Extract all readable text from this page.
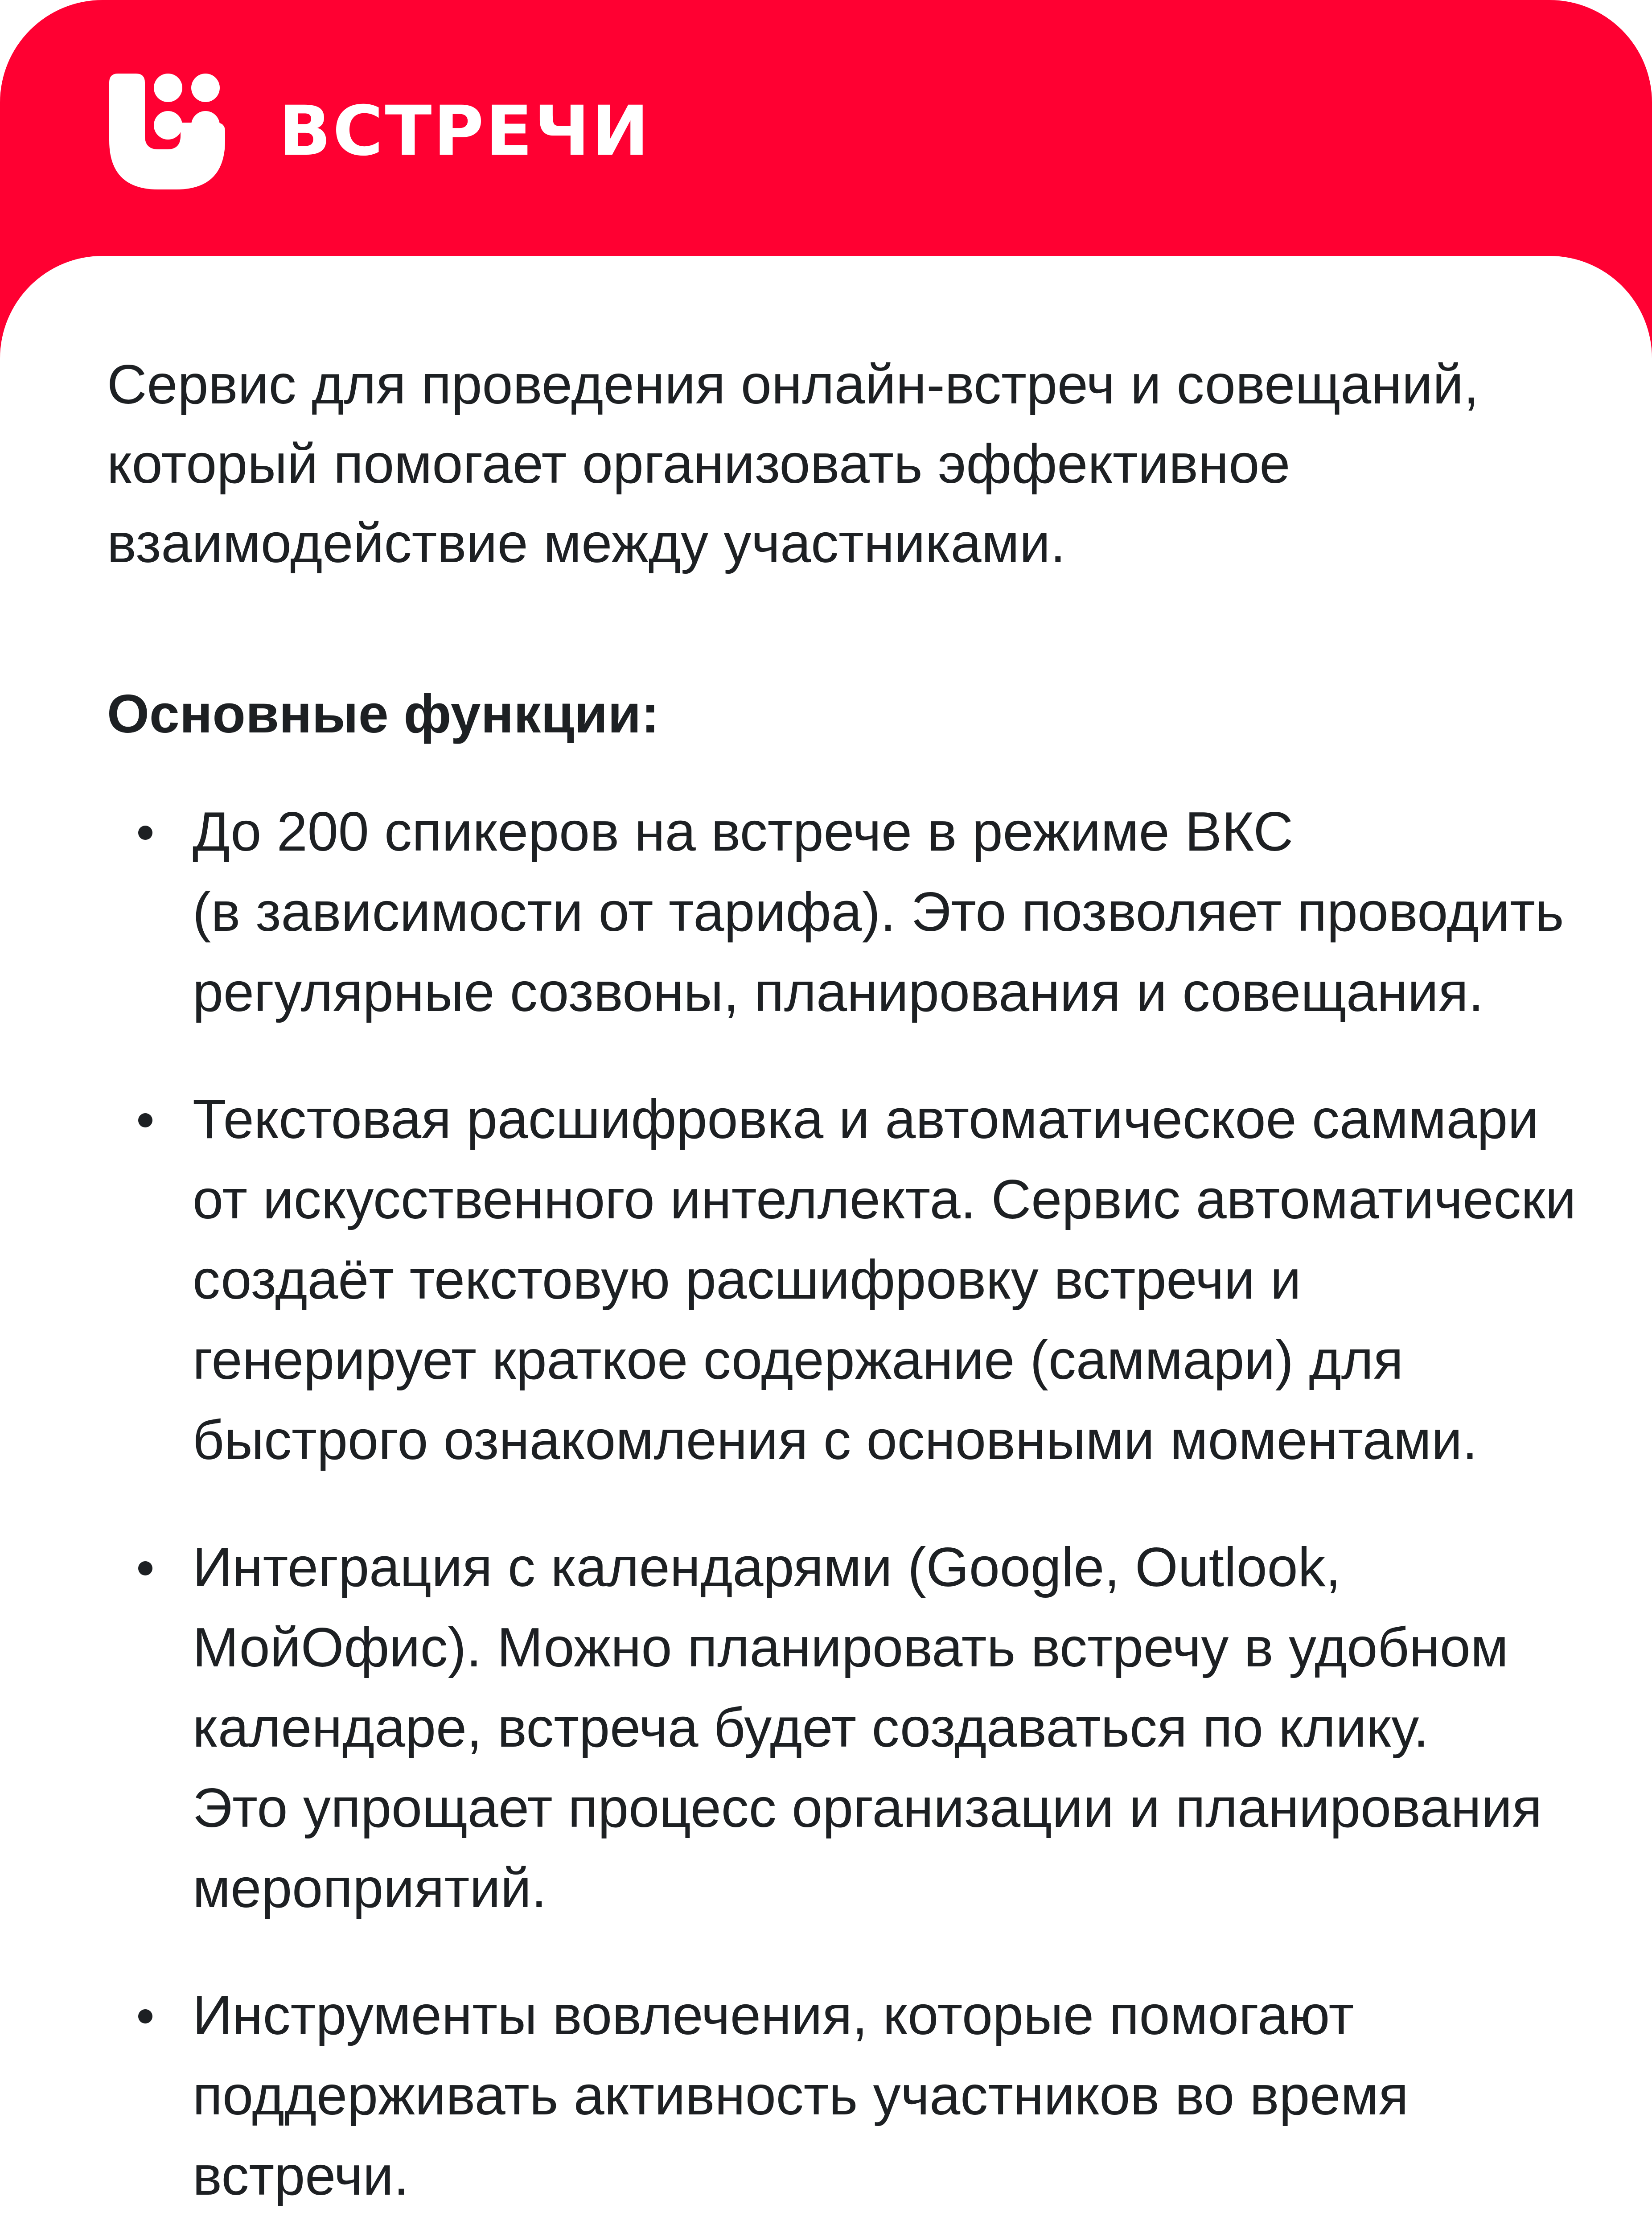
ВСТРЕЧИ

Сервис для проведения онлайн-встреч и совещаний,
который помогает организовать эффективное
взаимодействие между участниками.

Основные функции:
До 200 спикеров на встрече в режиме ВКС
(в зависимости от тарифа). Это позволяет проводить
регулярные созвоны, планирования и совещания.
Текстовая расшифровка и автоматическое саммари
от искусственного интеллекта. Сервис автоматически
создаёт текстовую расшифровку встречи и
генерирует краткое содержание (саммари) для
быстрого ознакомления с основными моментами.
Интеграция с календарями (Google, Outlook,
МойОфис). Можно планировать встречу в удобном
календаре, встреча будет создаваться по клику.
Это упрощает процесс организации и планирования
мероприятий.
Инструменты вовлечения, которые помогают
поддерживать активность участников во время
встречи.
